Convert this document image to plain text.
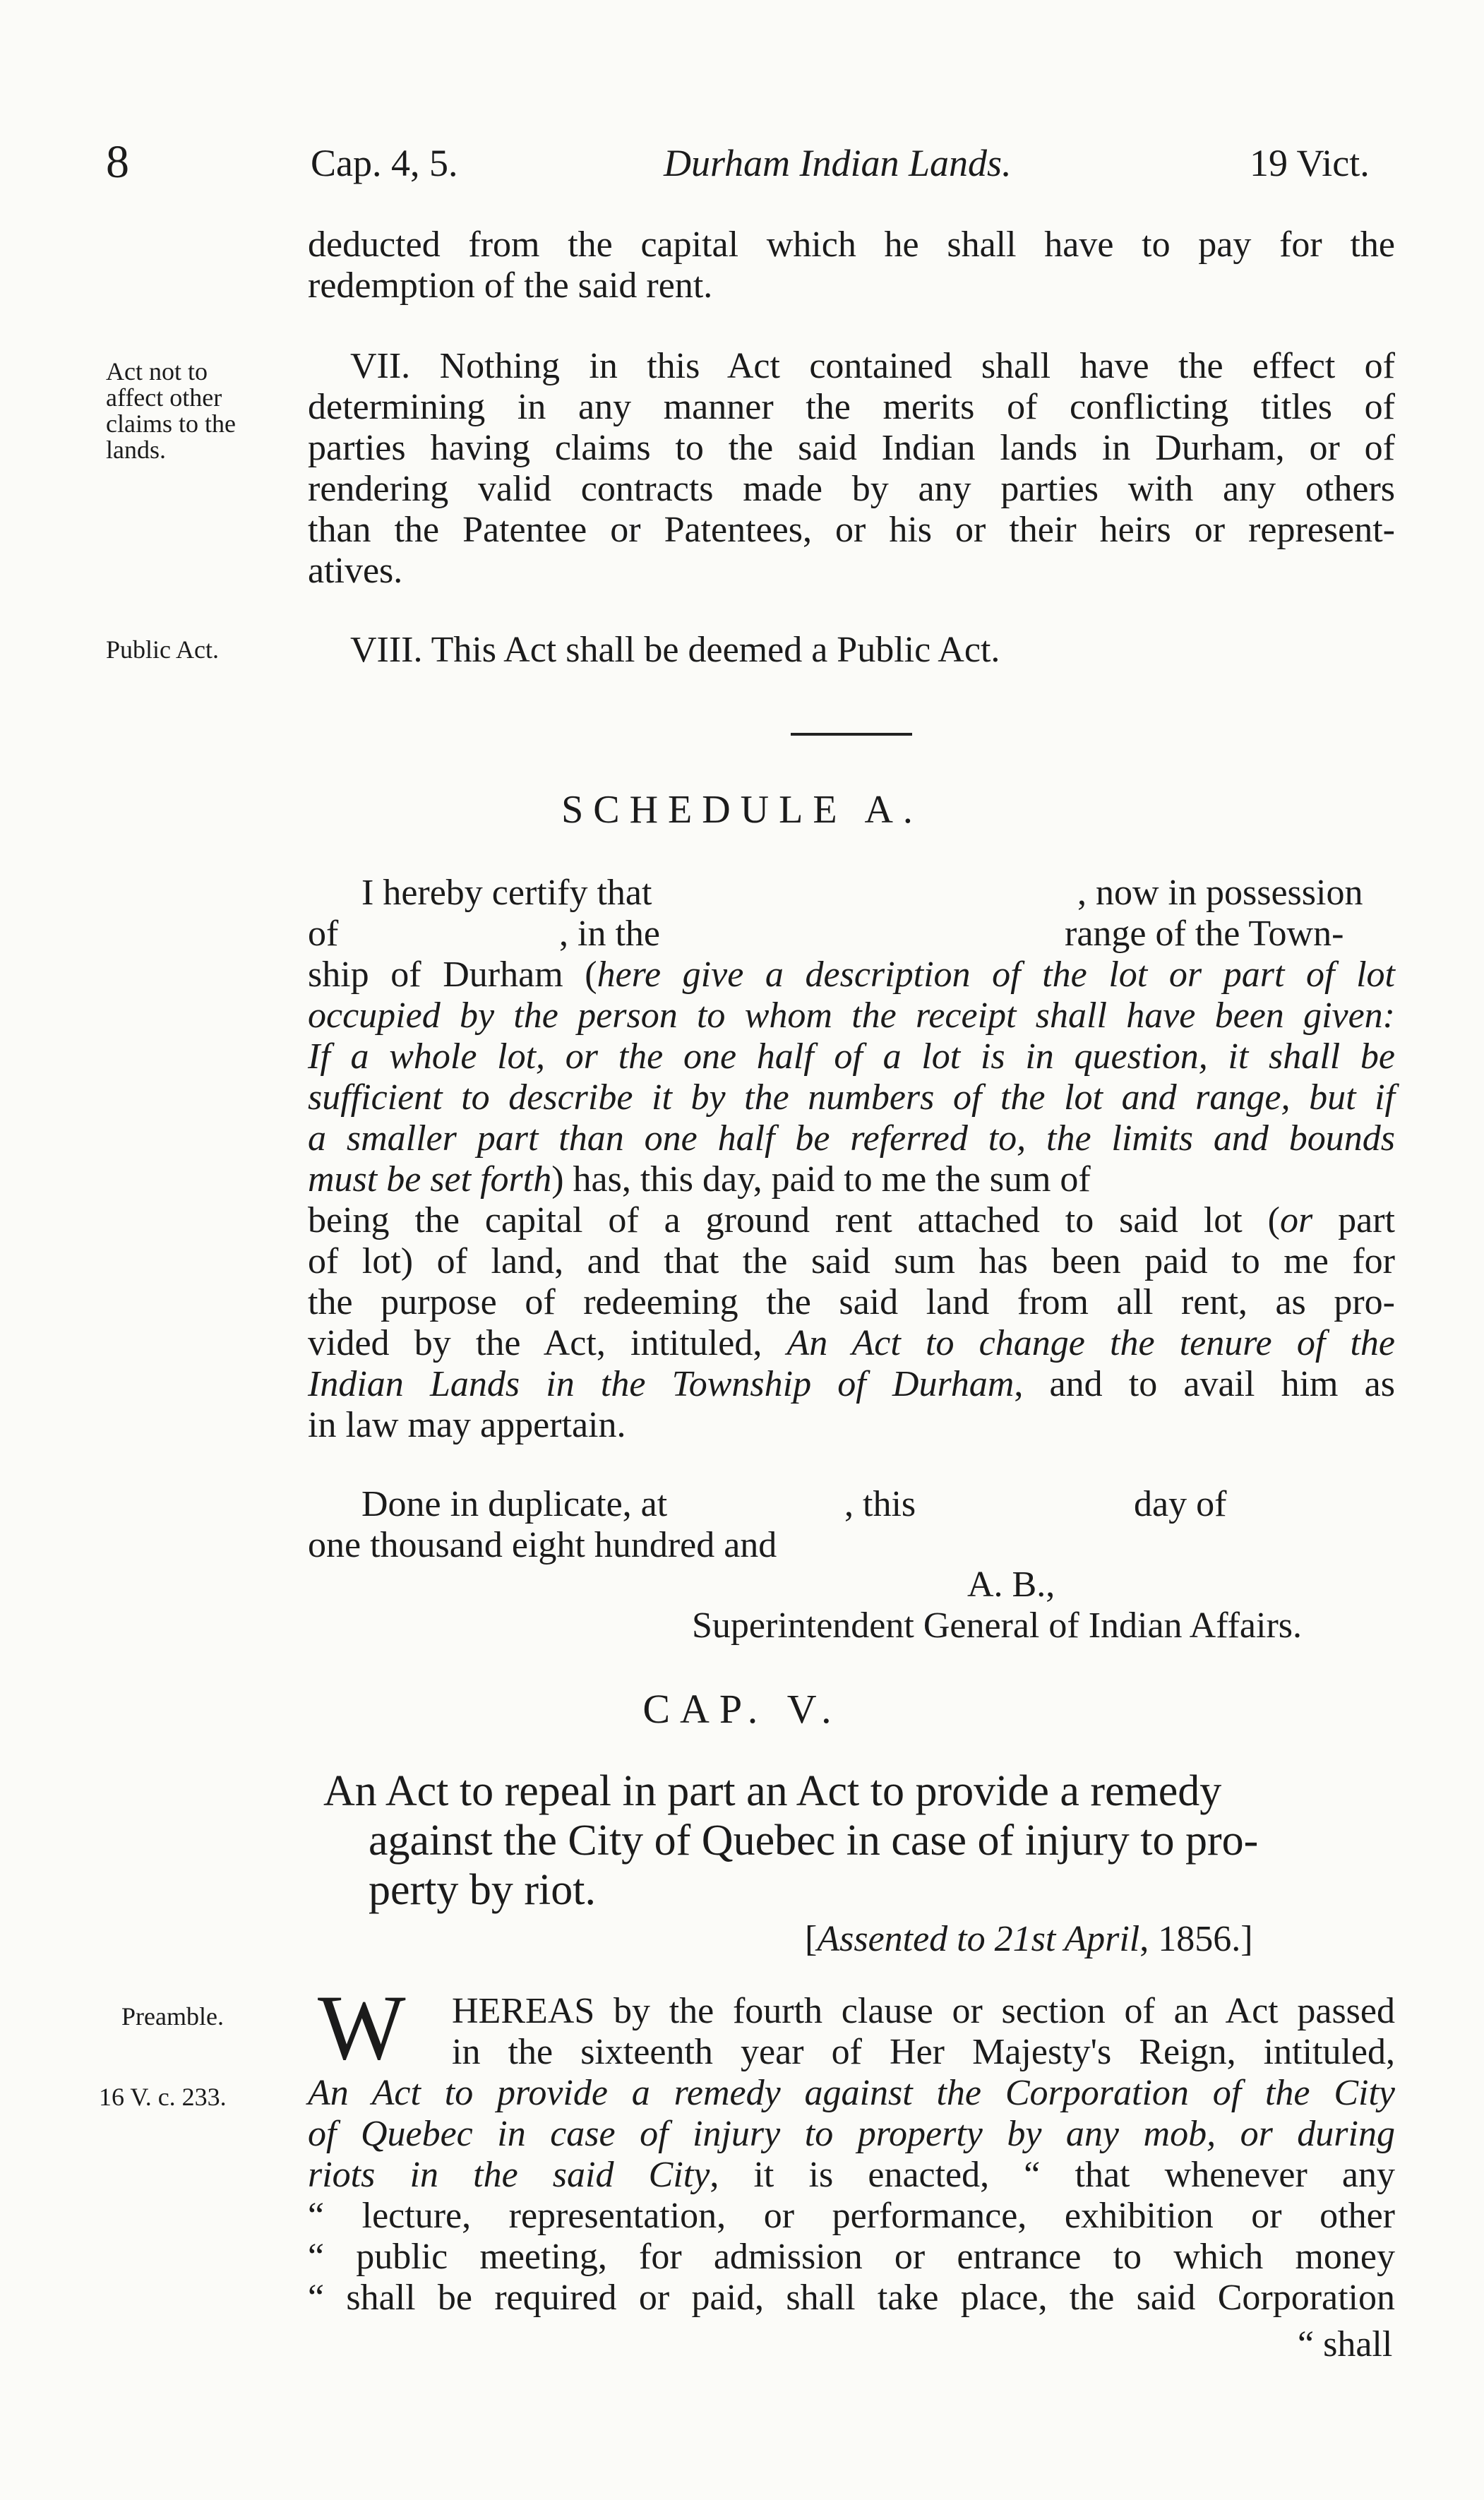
8	Cap. 4, 5.	Durham Indian Lands.	19 Vict.
deducted from the capital which he shall have to pay for the
redemption of the said rent.
Act not to
affect other
claims to the
lands.
VII. Nothing in this Act contained shall have the effect of
determining in any manner the merits of conflicting titles of
parties having claims to the said Indian lands in Durham, or of
rendering valid contracts made by any parties with any others
than the Patentee or Patentees, or his or their heirs or represent-
atives.
Public Act.	VIII. This Act shall be deemed a Public Act.
SCHEDULE A.
I hereby certify that	, now in possession
of	, in the	range of the Town-
ship of Durham (here give a description of the lot or part of lot
occupied by the person to whom the receipt shall have been given:
If a whole lot, or the one half of a lot is in question, it shall be
sufficient to describe it by the numbers of the lot and range, but if
a smaller part than one half be referred to, the limits and bounds
must be set forth) has, this day, paid to me the sum of
being the capital of a ground rent attached to said lot (or part
of lot) of land, and that the said sum has been paid to me for
the purpose of redeeming the said land from all rent, as pro-
vided by the Act, intituled, An Act to change the tenure of the
Indian Lands in the Township of Durham, and to avail him as
in law may appertain.
Done in duplicate, at	, this	day of
one thousand eight hundred and
A. B.,
Superintendent General of Indian Affairs.
CAP. V.
An Act to repeal in part an Act to provide a remedy
against the City of Quebec in case of injury to pro-
perty by riot.
[Assented to 21st April, 1856.]
Preamble.
16 V. c. 233.
W	HEREAS by the fourth clause or section of an Act passed
in the sixteenth year of Her Majesty's Reign, intituled,
An Act to provide a remedy against the Corporation of the City
of Quebec in case of injury to property by any mob, or during
riots in the said City, it is enacted, “ that whenever any
“ lecture, representation, or performance, exhibition or other
“ public meeting, for admission or entrance to which money
“ shall be required or paid, shall take place, the said Corporation
“ shall
